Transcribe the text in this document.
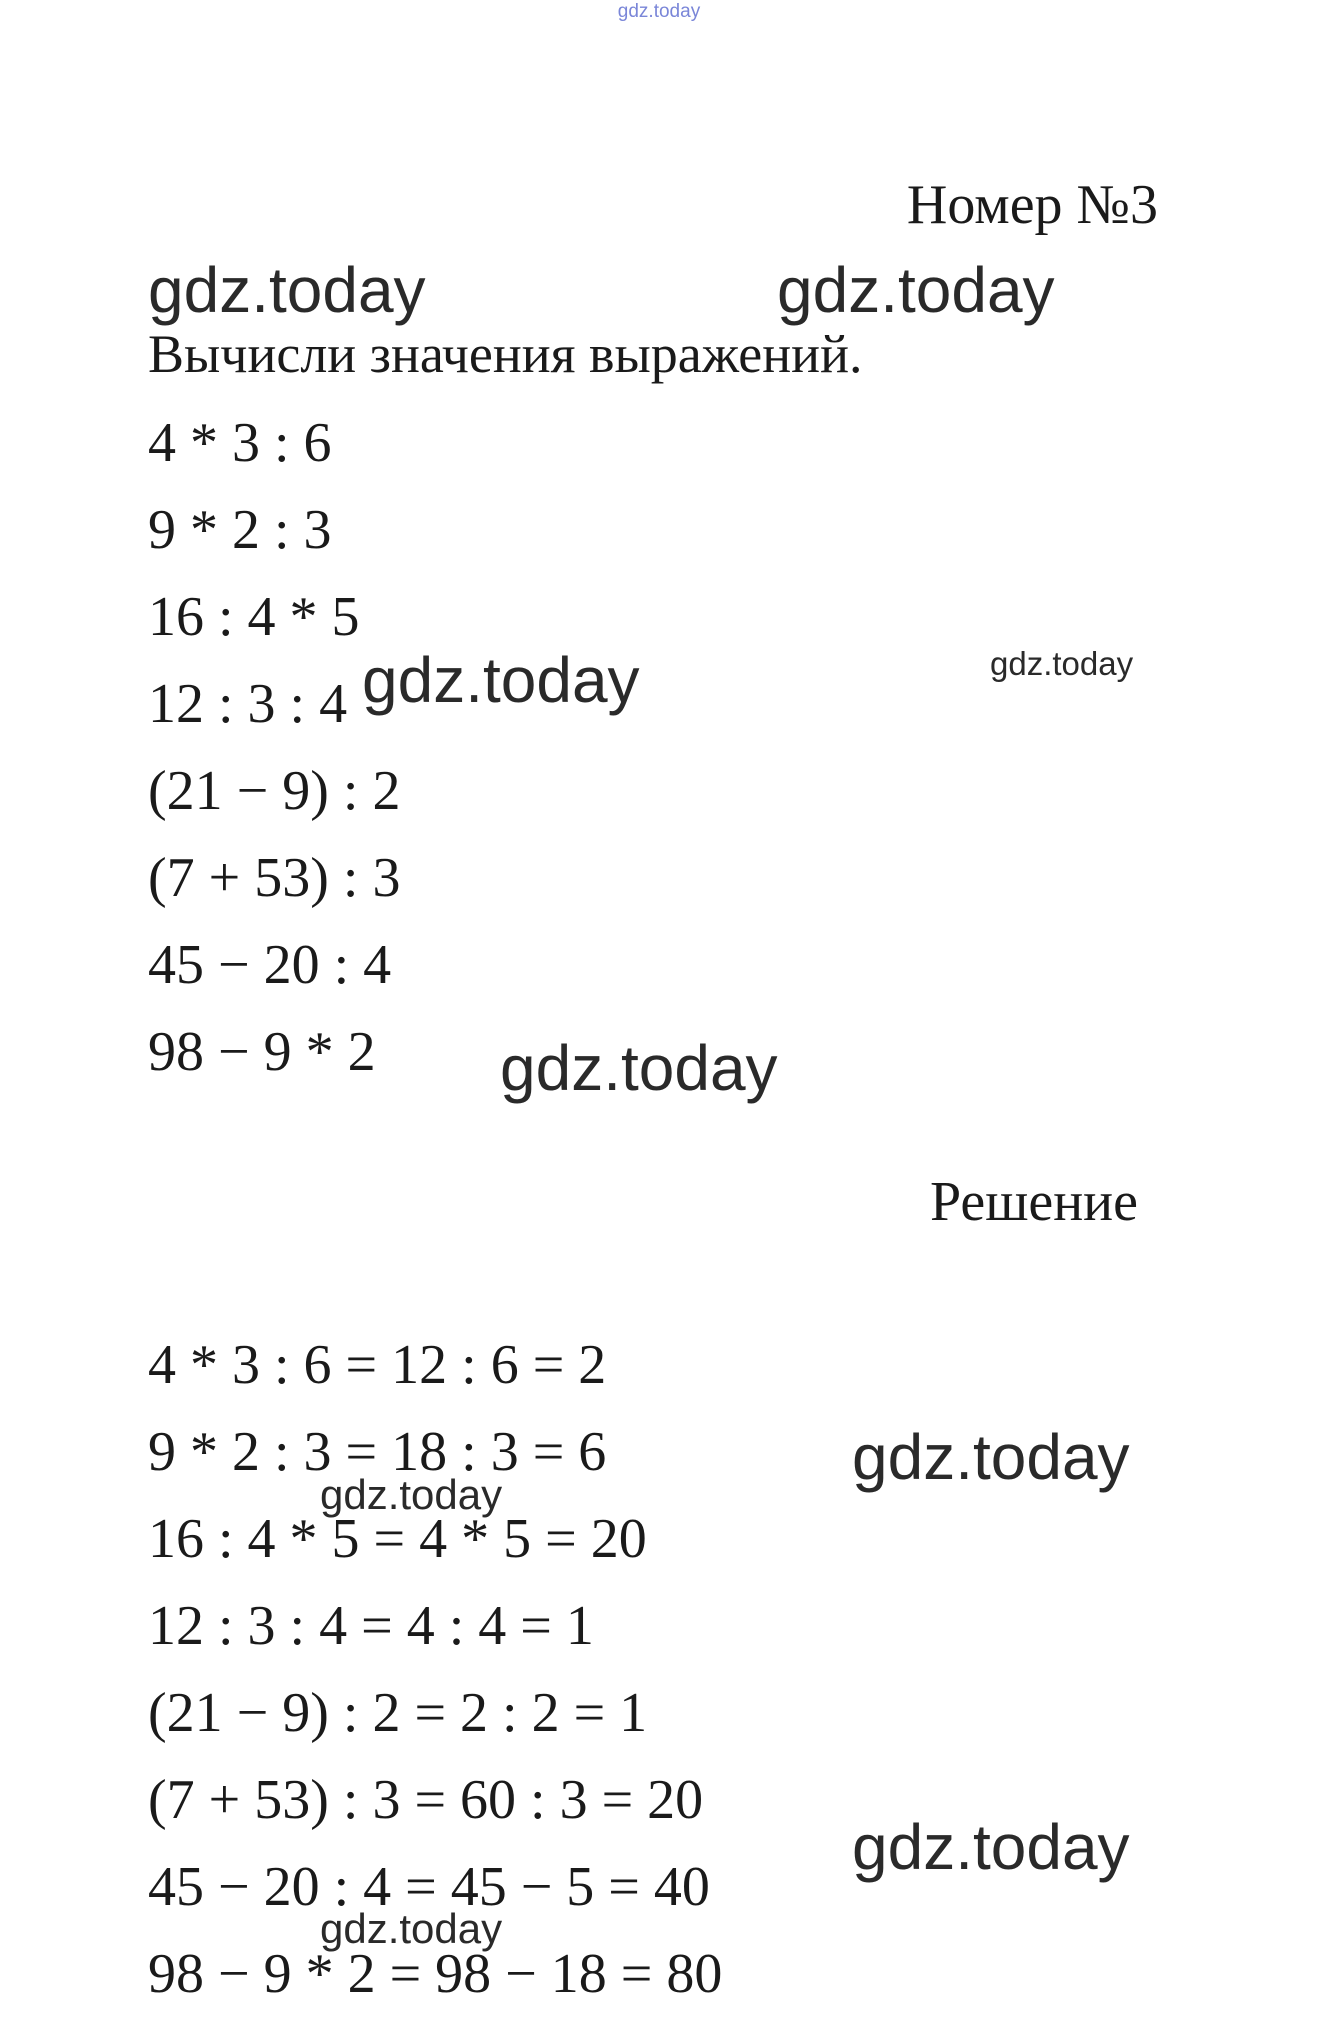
gdz.today
Номер №3
gdz.today	gdz.today
Вычисли значения выражений.
4 * 3 : 6
9 * 2 : 3
16 : 4 * 5
12 : 3 : 4
(21 − 9) : 2
(7 + 53) : 3
45 − 20 : 4
98 − 9 * 2
gdz.today	gdz.today
gdz.today
Решение
4 * 3 : 6 = 12 : 6 = 2
9 * 2 : 3 = 18 : 3 = 6
16 : 4 * 5 = 4 * 5 = 20
12 : 3 : 4 = 4 : 4 = 1
(21 − 9) : 2 = 2 : 2 = 1
(7 + 53) : 3 = 60 : 3 = 20
45 − 20 : 4 = 45 − 5 = 40
98 − 9 * 2 = 98 − 18 = 80
gdz.today
gdz.today
gdz.today
gdz.today
